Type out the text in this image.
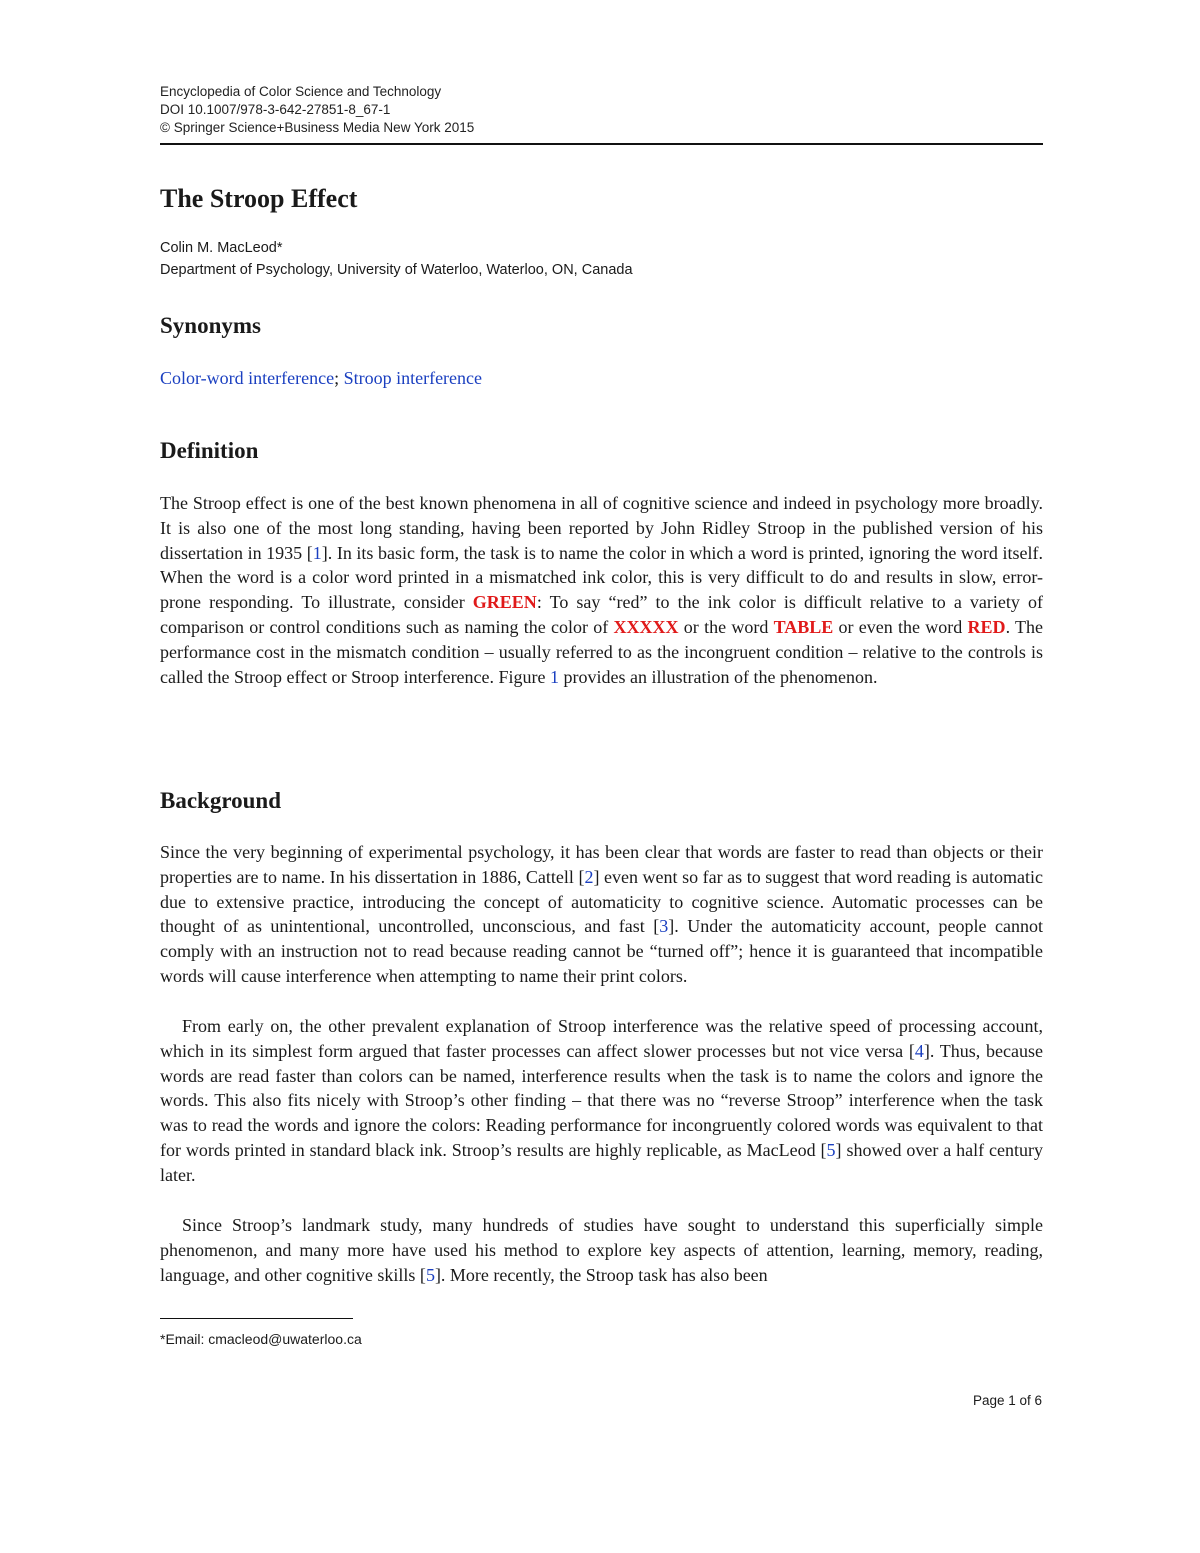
Encyclopedia of Color Science and Technology
DOI 10.1007/978-3-642-27851-8_67-1
© Springer Science+Business Media New York 2015
The Stroop Effect
Colin M. MacLeod*
Department of Psychology, University of Waterloo, Waterloo, ON, Canada
Synonyms
Color-word interference; Stroop interference
Definition

The Stroop effect is one of the best known phenomena in all of cognitive science and indeed in psychology more broadly. It is also one of the most long standing, having been reported by John Ridley Stroop in the published version of his dissertation in 1935 [1]. In its basic form, the task is to name the color in which a word is printed, ignoring the word itself. When the word is a color word printed in a mismatched ink color, this is very difficult to do and results in slow, error-prone responding. To illustrate, consider GREEN: To say “red” to the ink color is difficult relative to a variety of comparison or control conditions such as naming the color of XXXXX or the word TABLE or even the word RED. The performance cost in the mismatch condition – usually referred to as the incongruent condition – relative to the controls is called the Stroop effect or Stroop interference. Figure 1 provides an illustration of the phenomenon.

Background

Since the very beginning of experimental psychology, it has been clear that words are faster to read than objects or their properties are to name. In his dissertation in 1886, Cattell [2] even went so far as to suggest that word reading is automatic due to extensive practice, introducing the concept of automaticity to cognitive science. Automatic processes can be thought of as unintentional, uncontrolled, unconscious, and fast [3]. Under the automaticity account, people cannot comply with an instruction not to read because reading cannot be “turned off”; hence it is guaranteed that incompatible words will cause interference when attempting to name their print colors.

From early on, the other prevalent explanation of Stroop interference was the relative speed of processing account, which in its simplest form argued that faster processes can affect slower processes but not vice versa [4]. Thus, because words are read faster than colors can be named, interference results when the task is to name the colors and ignore the words. This also fits nicely with Stroop’s other finding – that there was no “reverse Stroop” interference when the task was to read the words and ignore the colors: Reading performance for incongruently colored words was equivalent to that for words printed in standard black ink. Stroop’s results are highly replicable, as MacLeod [5] showed over a half century later.

Since Stroop’s landmark study, many hundreds of studies have sought to understand this superficially simple phenomenon, and many more have used his method to explore key aspects of attention, learning, memory, reading, language, and other cognitive skills [5]. More recently, the Stroop task has also been

*Email: cmacleod@uwaterloo.ca
Page 1 of 6
